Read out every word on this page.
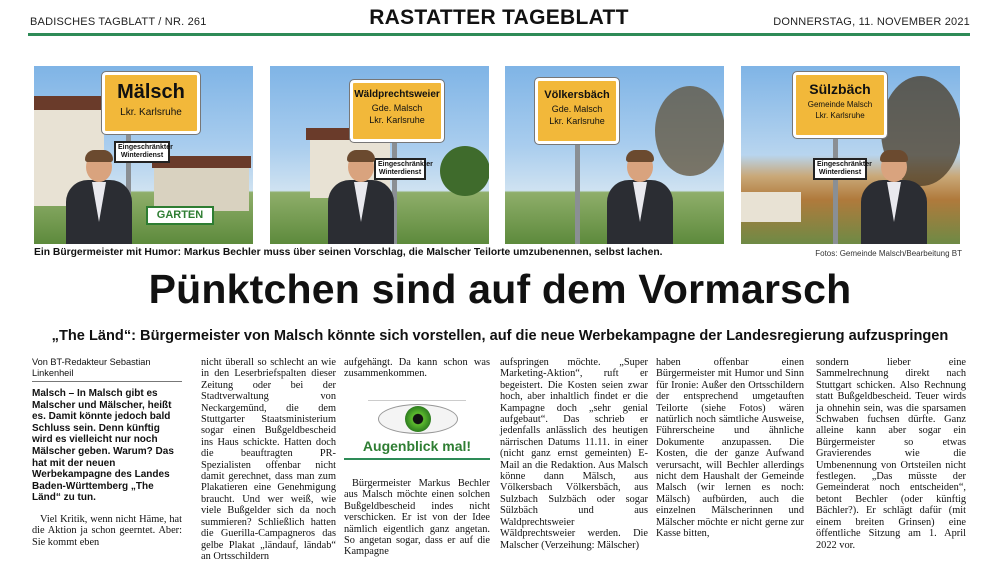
BADISCHES TAGBLATT / NR. 261	RASTATTER TAGEBLATT	DONNERSTAG, 11. NOVEMBER 2021
Mälsch
Lkr. Karlsruhe
Eingeschränkter Winterdienst
GARTEN
Wäldprechtsweier
Gde. Malsch
Lkr. Karlsruhe
Eingeschränkter Winterdienst
Völkersbäch
Gde. Malsch
Lkr. Karlsruhe
Sülzbäch
Gemeinde Malsch
Lkr. Karlsruhe
Eingeschränkter Winterdienst
Ein Bürgermeister mit Humor: Markus Bechler muss über seinen Vorschlag, die Malscher Teilorte umzubenennen, selbst lachen.	Fotos: Gemeinde Malsch/Bearbeitung BT
Pünktchen sind auf dem Vormarsch
„The Länd“: Bürgermeister von Malsch könnte sich vorstellen, auf die neue Werbekampagne der Landesregierung aufzuspringen

Von BT-Redakteur Sebastian Linkenheil

Malsch – In Malsch gibt es Malscher und Mälscher, heißt es. Damit könnte jedoch bald Schluss sein. Denn künftig wird es vielleicht nur noch Mälscher geben. Warum? Das hat mit der neuen Werbekampagne des Landes Baden-Württemberg „The Länd“ zu tun.

Viel Kritik, wenn nicht Häme, hat die Aktion ja schon geerntet. Aber: Sie kommt eben

nicht überall so schlecht an wie in den Leserbriefspalten dieser Zeitung oder bei der Stadtverwaltung von Neckargemünd, die dem Stuttgarter Staatsministerium sogar einen Bußgeldbescheid ins Haus schickte. Hatten doch die beauftragten PR-Spezialisten offenbar nicht damit gerechnet, dass man zum Plakatieren eine Genehmigung braucht. Und wer weiß, wie viele Bußgelder sich da noch summieren? Schließlich hatten die Guerilla-Campagneros das gelbe Plakat „ländauf, ländab“ an Ortsschildern

aufgehängt. Da kann schon was zusammenkommen.

Augenblick mal!

Bürgermeister Markus Bechler aus Malsch möchte einen solchen Bußgeldbescheid indes nicht verschicken. Er ist von der Idee nämlich eigentlich ganz angetan. So angetan sogar, dass er auf die Kampagne

aufspringen möchte. „Super Marketing-Aktion“, ruft er begeistert. Die Kosten seien zwar hoch, aber inhaltlich findet er die Kampagne doch „sehr genial aufgebaut“. Das schrieb er jedenfalls anlässlich des heutigen närrischen Datums 11.11. in einer (nicht ganz ernst gemeinten) E-Mail an die Redaktion. Aus Malsch könne dann Mälsch, aus Völkersbach Völkersbäch, aus Sulzbach Sulzbäch oder sogar Sülzbäch und aus Waldprechtsweier Wäldprechtsweier werden. Die Malscher (Verzeihung: Mälscher)

haben offenbar einen Bürgermeister mit Humor und Sinn für Ironie: Außer den Ortsschildern der entsprechend umgetauften Teilorte (siehe Fotos) wären natürlich noch sämtliche Ausweise, Führerscheine und ähnliche Dokumente anzupassen. Die Kosten, die der ganze Aufwand verursacht, will Bechler allerdings nicht dem Haushalt der Gemeinde Malsch (wir lernen es noch: Mälsch) aufbürden, auch die einzelnen Mälscherinnen und Mälscher möchte er nicht gerne zur Kasse bitten,

sondern lieber eine Sammelrechnung direkt nach Stuttgart schicken. Also Rechnung statt Bußgeldbescheid. Teuer wirds ja ohnehin sein, was die sparsamen Schwaben fuchsen dürfte. Ganz alleine kann aber sogar ein Bürgermeister so etwas Gravierendes wie die Umbenennung von Ortsteilen nicht festlegen. „Das müsste der Gemeinderat noch entscheiden“, betont Bechler (oder künftig Bächler?). Er schlägt dafür (mit einem breiten Grinsen) eine öffentliche Sitzung am 1. April 2022 vor.
